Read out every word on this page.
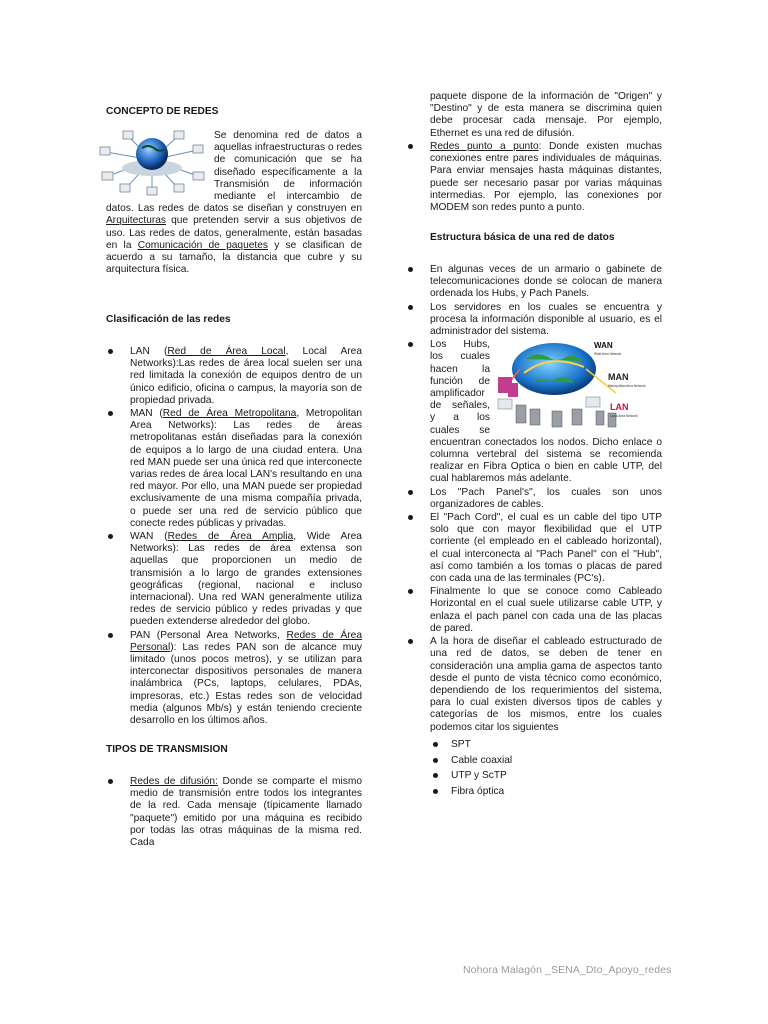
CONCEPTO DE REDES

Se denomina red de datos a aquellas infraestructuras o redes de comunicación que se ha diseñado específicamente a la Transmisión de información mediante el intercambio de datos. Las redes de datos se diseñan y construyen en Arquitecturas que pretenden servir a sus objetivos de uso. Las redes de datos, generalmente, están basadas en la Comunicación de paquetes y se clasifican de acuerdo a su tamaño, la distancia que cubre y su arquitectura física.

Clasificación de las redes
LAN (Red de Área Local, Local Area Networks):Las redes de área local suelen ser una red limitada la conexión de equipos dentro de un único edificio, oficina o campus, la mayoría son de propiedad privada.
MAN (Red de Área Metropolitana, Metropolitan Area Networks): Las redes de áreas metropolitanas están diseñadas para la conexión de equipos a lo largo de una ciudad entera. Una red MAN puede ser una única red que interconecte varias redes de área local LAN's resultando en una red mayor. Por ello, una MAN puede ser propiedad exclusivamente de una misma compañía privada, o puede ser una red de servicio público que conecte redes públicas y privadas.
WAN (Redes de Área Amplia, Wide Area Networks): Las redes de área extensa son aquellas que proporcionen un medio de transmisión a lo largo de grandes extensiones geográficas (regional, nacional e incluso internacional). Una red WAN generalmente utiliza redes de servicio público y redes privadas y que pueden extenderse alrededor del globo.
PAN (Personal Area Networks, Redes de Área Personal): Las redes PAN son de alcance muy limitado (unos pocos metros), y se utilizan para interconectar dispositivos personales de manera inalámbrica (PCs, laptops, celulares, PDAs, impresoras, etc.) Estas redes son de velocidad media (algunos Mb/s) y están teniendo creciente desarrollo en los últimos años.
TIPOS DE TRANSMISION
Redes de difusión: Donde se comparte el mismo medio de transmisión entre todos los integrantes de la red. Cada mensaje (típicamente llamado "paquete") emitido por una máquina es recibido por todas las otras máquinas de la misma red. Cada

paquete dispone de la información de "Origen" y "Destino" y de esta manera se discrimina quien debe procesar cada mensaje. Por ejemplo, Ethernet es una red de difusión.

Redes punto a punto: Donde existen muchas conexiones entre pares individuales de máquinas. Para enviar mensajes hasta máquinas distantes, puede ser necesario pasar por varias máquinas intermedias. Por ejemplo, las conexiones por MODEM son redes punto a punto.
Estructura básica de una red de datos
En algunas veces de un armario o gabinete de telecomunicaciones donde se colocan de manera ordenada los Hubs, y Pach Panels.
Los servidores en los cuales se encuentra y procesa la información disponible al usuario, es el administrador del sistema.
WAN
Wide Area Network
MAN
Metropolitan Area Network
LAN
Local Area Network
Los Hubs, los cuales hacen la función de amplificador de señales, y a los cuales se encuentran conectados los nodos. Dicho enlace o columna vertebral del sistema se recomienda realizar en Fibra Optica o bien en cable UTP, del cual hablaremos más adelante.
Los "Pach Panel's", los cuales son unos organizadores de cables.
El "Pach Cord", el cual es un cable del tipo UTP solo que con mayor flexibilidad que el UTP corriente (el empleado en el cableado horizontal), el cual interconecta al "Pach Panel" con el "Hub", así como también a los tomas o placas de pared con cada una de las terminales (PC's).
Finalmente lo que se conoce como Cableado Horizontal en el cual suele utilizarse cable UTP, y enlaza el pach panel con cada una de las placas de pared.
A la hora de diseñar el cableado estructurado de una red de datos, se deben de tener en consideración una amplia gama de aspectos tanto desde el punto de vista técnico como económico, dependiendo de los requerimientos del sistema, para lo cual existen diversos tipos de cables y categorías de los mismos, entre los cuales podemos citar los siguientes
SPT
Cable coaxial
UTP y ScTP
Fibra óptica
Nohora Malagón _SENA_Dto_Apoyo_redes
